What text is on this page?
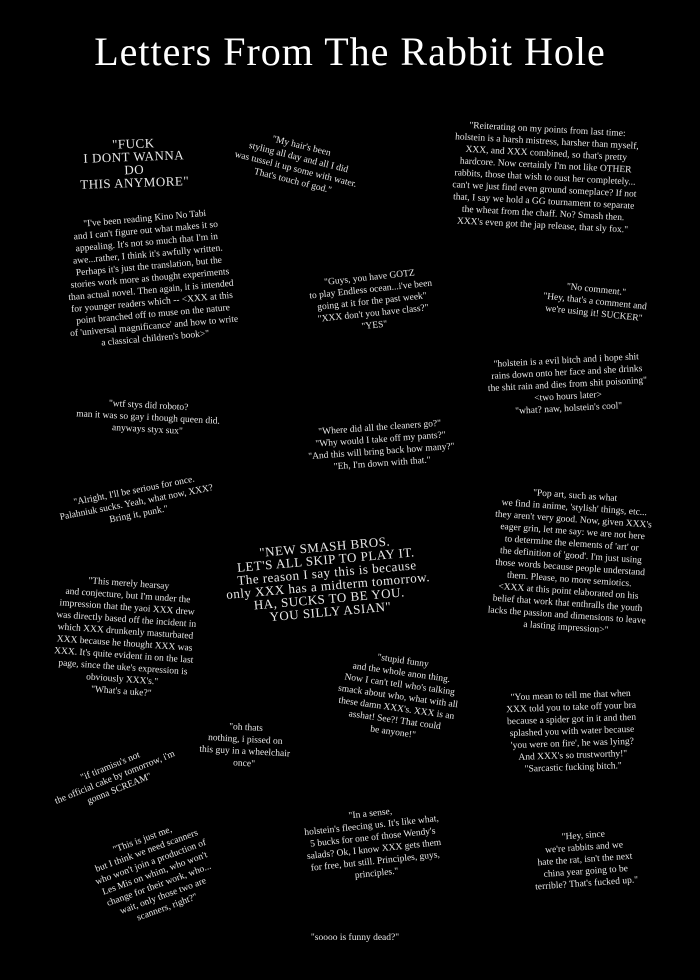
Letters From The Rabbit Hole
"FUCK
I DONT WANNA DO
THIS ANYMORE"
"My hair's been
styling all day and all I did
was tussel it up some with water.
That's touch of god."
"Reiterating on my points from last time:
holstein is a harsh mistress, harsher than myself,
XXX, and XXX combined, so that's pretty
hardcore. Now certainly I'm not like OTHER
rabbits, those that wish to oust her completely...
can't we just find even ground someplace? If not
that, I say we hold a GG tournament to separate
the wheat from the chaff. No? Smash then.
XXX's even got the jap release, that sly fox."
"I've been reading Kino No Tabi
and I can't figure out what makes it so
appealing. It's not so much that I'm in
awe...rather, I think it's awfully written.
Perhaps it's just the translation, but the
stories work more as thought experiments
than actual novel. Then again, it is intended
for younger readers which -- <XXX at this
point branched off to muse on the nature
of 'universal magnificance' and how to write
a classical children's book>"
"Guys, you have GOTZ
to play Endless ocean...i've been
going at it for the past week"
"XXX don't you have class?"
"YES"
"No comment."
"Hey, that's a comment and
we're using it! SUCKER"
"holstein is a evil bitch and i hope shit
rains down onto her face and she drinks
the shit rain and dies from shit poisoning"
<two hours later>
"what? naw, holstein's cool"
"wtf stys did roboto?
man it was so gay i though queen did.
anyways styx sux"	"Where did all the cleaners go?"
"Why would I take off my pants?"
"And this will bring back how many?"
"Eh, I'm down with that."
"Alright, I'll be serious for once.
Palahniuk sucks. Yeah, what now, XXX?
Bring it, punk."
"Pop art, such as what
we find in anime, 'stylish' things, etc...
they aren't very good. Now, given XXX's
eager grin, let me say: we are not here
to determine the elements of 'art' or
the definition of 'good'. I'm just using
those words because people understand
them. Please, no more semiotics.
<XXX at this point elaborated on his
belief that work that enthralls the youth
lacks the passion and dimensions to leave
a lasting impression>"
"NEW SMASH BROS.
LET'S ALL SKIP TO PLAY IT.
The reason I say this is because
only XXX has a midterm tomorrow.
HA, SUCKS TO BE YOU.
YOU SILLY ASIAN"
"This merely hearsay
and conjecture, but I'm under the
impression that the yaoi XXX drew
was directly based off the incident in
which XXX drunkenly masturbated
XXX because he thought XXX was
XXX. It's quite evident in on the last
page, since the uke's expression is
obviously XXX's."
"What's a uke?"
"stupid funny
and the whole anon thing.
Now I can't tell who's talking
smack about who, what with all
these damn XXX's. XXX is an
asshat! See?! That could
be anyone!"
"You mean to tell me that when
XXX told you to take off your bra
because a spider got in it and then
splashed you with water because
'you were on fire', he was lying?
And XXX's so trustworthy!"
"Sarcastic fucking bitch."
"oh thats
nothing, i pissed on
this guy in a wheelchair
once"
"if tiramisu's not
the official cake by tomorrow, i'm
gonna SCREAM"
"In a sense,
holstein's fleecing us. It's like what,
5 bucks for one of those Wendy's
salads? Ok, I know XXX gets them
for free, but still. Principles, guys,
principles."
"This is just me,
but I think we need scanners
who won't join a production of
Les Mis on whim, who won't
change for their work, who...
wait, only those two are
scanners, right?"
"Hey, since
we're rabbits and we
hate the rat, isn't the next
china year going to be
terrible? That's fucked up."
"soooo is funny dead?"
